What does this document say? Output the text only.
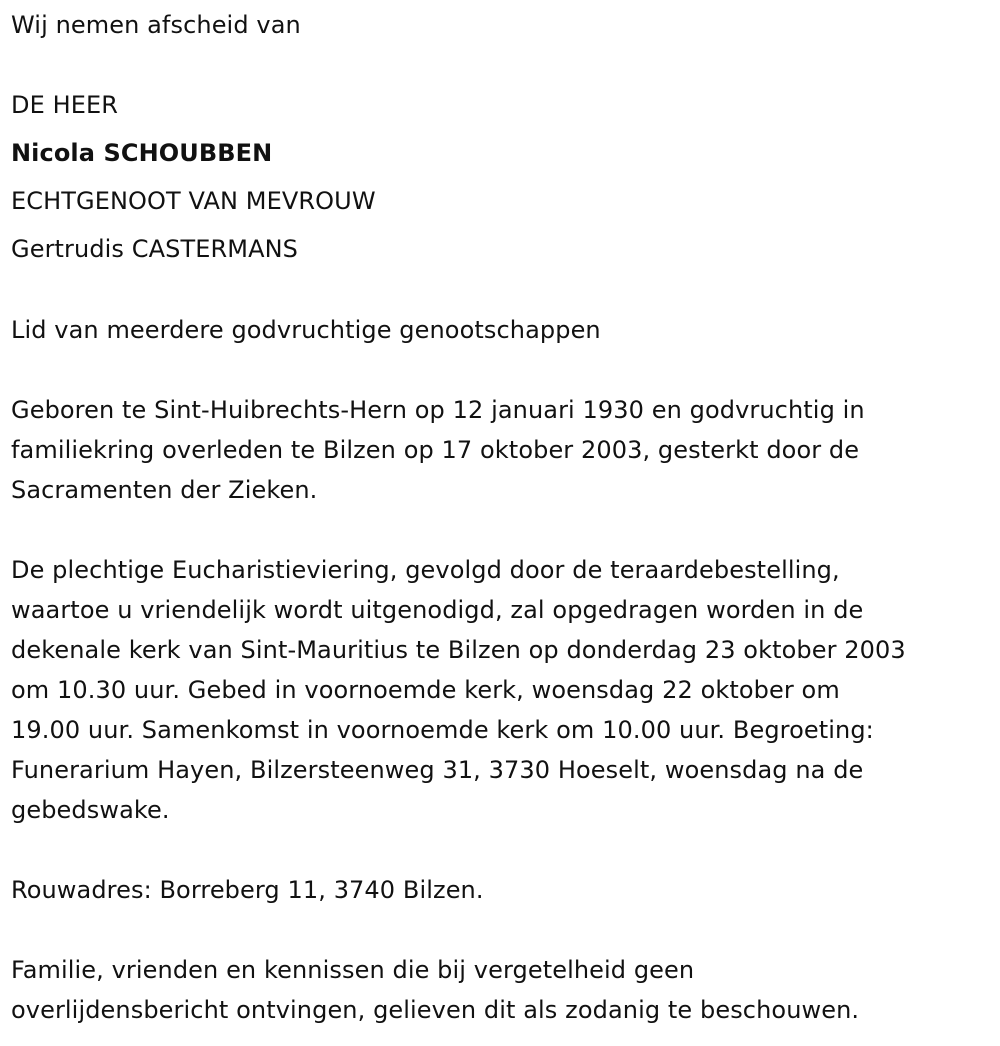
Wij nemen afscheid van
DE HEER
Nicola SCHOUBBEN
ECHTGENOOT VAN MEVROUW
Gertrudis CASTERMANS
Lid van meerdere godvruchtige genootschappen
Geboren te Sint-Huibrechts-Hern op 12 januari 1930 en godvruchtig in
familiekring overleden te Bilzen op 17 oktober 2003, gesterkt door de
Sacramenten der Zieken.
De plechtige Eucharistieviering, gevolgd door de teraardebestelling,
waartoe u vriendelijk wordt uitgenodigd, zal opgedragen worden in de
dekenale kerk van Sint-Mauritius te Bilzen op donderdag 23 oktober 2003
om 10.30 uur. Gebed in voornoemde kerk, woensdag 22 oktober om
19.00 uur. Samenkomst in voornoemde kerk om 10.00 uur. Begroeting:
Funerarium Hayen, Bilzersteenweg 31, 3730 Hoeselt, woensdag na de
gebedswake.
Rouwadres: Borreberg 11, 3740 Bilzen.
Familie, vrienden en kennissen die bij vergetelheid geen
overlijdensbericht ontvingen, gelieven dit als zodanig te beschouwen.
